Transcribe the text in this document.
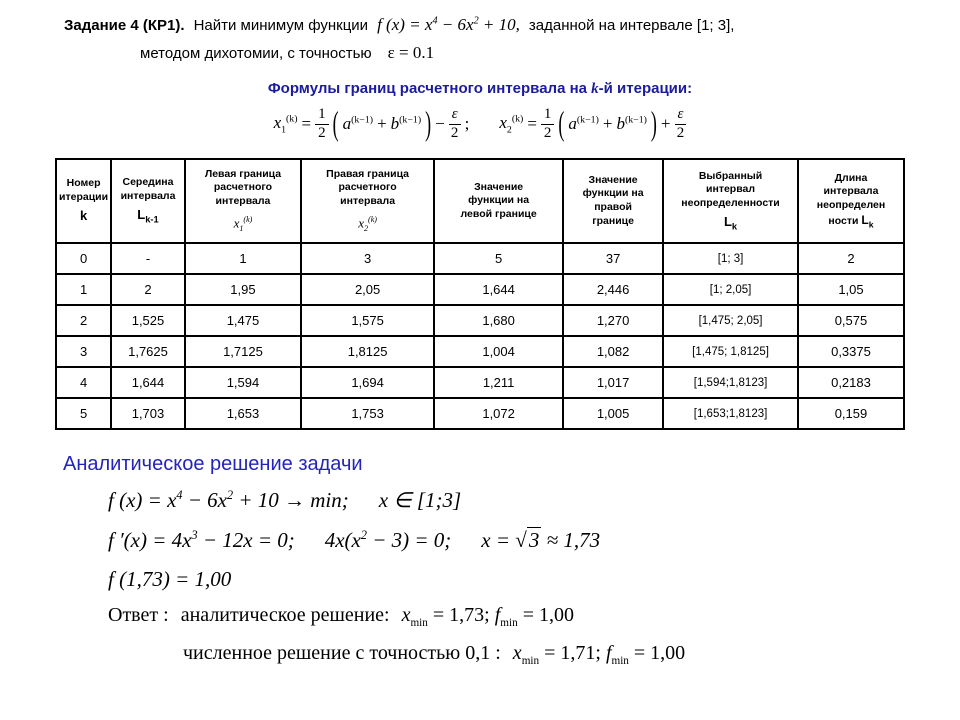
Задание 4 (КР1). Найти минимум функции f $(x) = x^4 - 6x^2 + 10$, заданной на интервале [1; 3],
методом дихотомии, с точностью ε = 0.1
Формулы границ расчетного интервала на k-й итерации:
$x_1^{(k)} = \frac{1}{2}$ ( $a^{(k-1)} + b^{(k-1)}$ ) − $\frac{\varepsilon}{2}$ ; $x_2^{(k)} = \frac{1}{2}$ ( $a^{(k-1)} + b^{(k-1)}$ ) + $\frac{\varepsilon}{2}$
Номер
итерации
k	Середина
интервала
$L_{k-1}$	Левая граница
расчетного
интервала
$x_1^{(k)}$	Правая граница
расчетного
интервала
$x_2^{(k)}$	Значение
функции на
левой границе	Значение
функции на
правой
границе	Выбранный
интервал
неопределенности
$L_k$	Длина
интервала
неопределен
ности $L_k$
0	-	1	3	5	37	[1; 3]	2
1	2	1,95	2,05	1,644	2,446	[1; 2,05]	1,05
2	1,525	1,475	1,575	1,680	1,270	[1,475; 2,05]	0,575
3	1,7625	1,7125	1,8125	1,004	1,082	[1,475; 1,8125]	0,3375
4	1,644	1,594	1,694	1,211	1,017	[1,594;1,8123]	0,2183
5	1,703	1,653	1,753	1,072	1,005	[1,653;1,8123]	0,159
Аналитическое решение задачи
f $(x) = x^4 - 6x^2 + 10 \to \min$; x ∈ [1;3]
f $'(x) = 4x^3 - 12x = 0$; $4x(x^2 - 3) = 0$; x = √3 ≈ 1,73
f (1,73) = 1,00
Ответ : аналитическое решение: $x_{min} = 1,73$; $f_{min} = 1,00$
численное решение с точностью 0,1 : $x_{min} = 1,71$; $f_{min} = 1,00$
